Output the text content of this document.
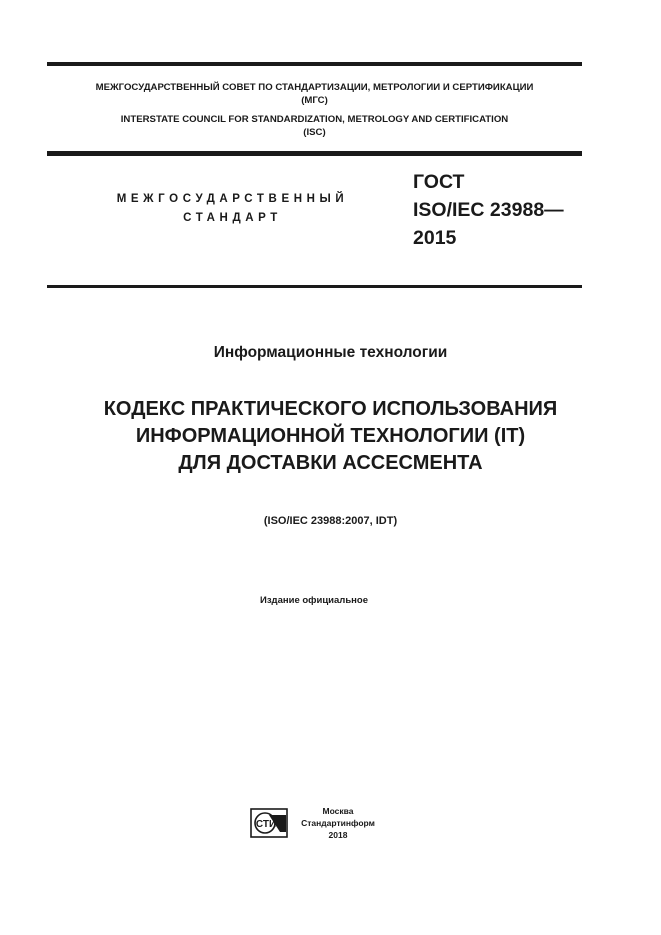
МЕЖГОСУДАРСТВЕННЫЙ СОВЕТ ПО СТАНДАРТИЗАЦИИ, МЕТРОЛОГИИ И СЕРТИФИКАЦИИ
(МГС)
INTERSTATE COUNCIL FOR STANDARDIZATION, METROLOGY AND CERTIFICATION
(ISC)
МЕЖГОСУДАРСТВЕННЫЙ
СТАНДАРТ
ГОСТ
ISO/IEC 23988—
2015
Информационные технологии
КОДЕКС ПРАКТИЧЕСКОГО ИСПОЛЬЗОВАНИЯ
ИНФОРМАЦИОННОЙ ТЕХНОЛОГИИ (IT)
ДЛЯ ДОСТАВКИ АССЕСМЕНТА
(ISO/IEC 23988:2007, IDT)
Издание официальное
СТИ
Москва
Стандартинформ
2018
